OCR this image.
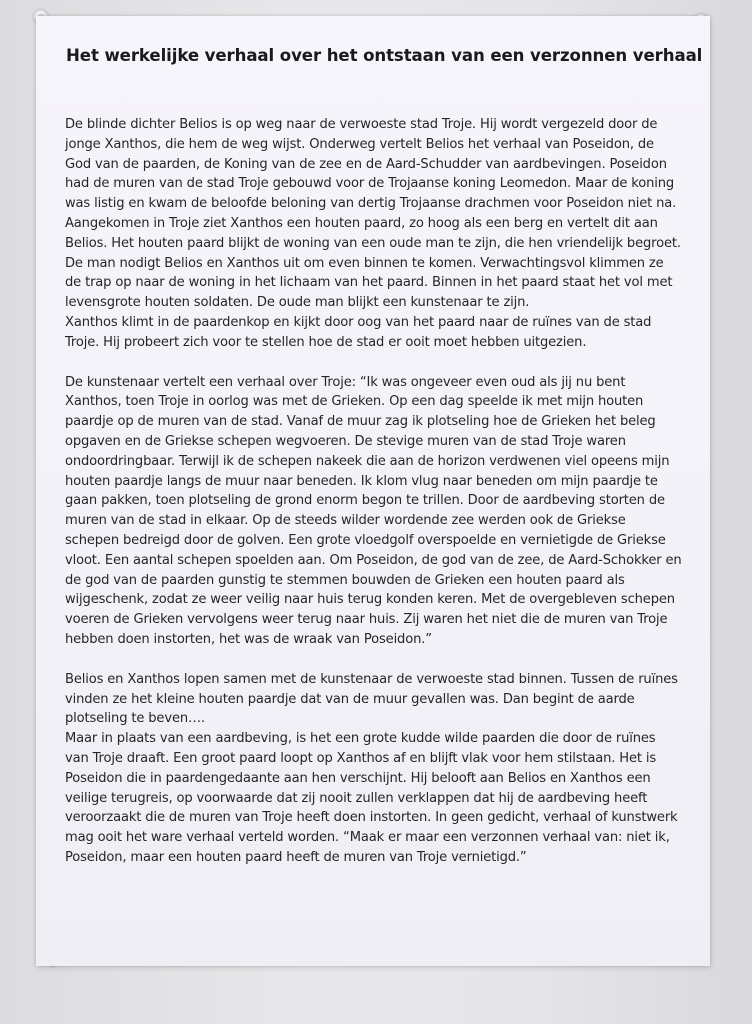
Het werkelijke verhaal over het ontstaan van een verzonnen verhaal

De blinde dichter Belios is op weg naar de verwoeste stad Troje. Hij wordt vergezeld door de
jonge Xanthos, die hem de weg wijst. Onderweg vertelt Belios het verhaal van Poseidon, de
God van de paarden, de Koning van de zee en de Aard-Schudder van aardbevingen. Poseidon
had de muren van de stad Troje gebouwd voor de Trojaanse koning Leomedon. Maar de koning
was listig en kwam de beloofde beloning van dertig Trojaanse drachmen voor Poseidon niet na.
Aangekomen in Troje ziet Xanthos een houten paard, zo hoog als een berg en vertelt dit aan
Belios. Het houten paard blijkt de woning van een oude man te zijn, die hen vriendelijk begroet.
De man nodigt Belios en Xanthos uit om even binnen te komen. Verwachtingsvol klimmen ze
de trap op naar de woning in het lichaam van het paard. Binnen in het paard staat het vol met
levensgrote houten soldaten. De oude man blijkt een kunstenaar te zijn.
Xanthos klimt in de paardenkop en kijkt door oog van het paard naar de ruïnes van de stad
Troje. Hij probeert zich voor te stellen hoe de stad er ooit moet hebben uitgezien.

De kunstenaar vertelt een verhaal over Troje: “Ik was ongeveer even oud als jij nu bent
Xanthos, toen Troje in oorlog was met de Grieken. Op een dag speelde ik met mijn houten
paardje op de muren van de stad. Vanaf de muur zag ik plotseling hoe de Grieken het beleg
opgaven en de Griekse schepen wegvoeren. De stevige muren van de stad Troje waren
ondoordringbaar. Terwijl ik de schepen nakeek die aan de horizon verdwenen viel opeens mijn
houten paardje langs de muur naar beneden. Ik klom vlug naar beneden om mijn paardje te
gaan pakken, toen plotseling de grond enorm begon te trillen. Door de aardbeving storten de
muren van de stad in elkaar. Op de steeds wilder wordende zee werden ook de Griekse
schepen bedreigd door de golven. Een grote vloedgolf overspoelde en vernietigde de Griekse
vloot. Een aantal schepen spoelden aan. Om Poseidon, de god van de zee, de Aard-Schokker en
de god van de paarden gunstig te stemmen bouwden de Grieken een houten paard als
wijgeschenk, zodat ze weer veilig naar huis terug konden keren. Met de overgebleven schepen
voeren de Grieken vervolgens weer terug naar huis. Zij waren het niet die de muren van Troje
hebben doen instorten, het was de wraak van Poseidon.”

Belios en Xanthos lopen samen met de kunstenaar de verwoeste stad binnen. Tussen de ruïnes
vinden ze het kleine houten paardje dat van de muur gevallen was. Dan begint de aarde
plotseling te beven….
Maar in plaats van een aardbeving, is het een grote kudde wilde paarden die door de ruïnes
van Troje draaft. Een groot paard loopt op Xanthos af en blijft vlak voor hem stilstaan. Het is
Poseidon die in paardengedaante aan hen verschijnt. Hij belooft aan Belios en Xanthos een
veilige terugreis, op voorwaarde dat zij nooit zullen verklappen dat hij de aardbeving heeft
veroorzaakt die de muren van Troje heeft doen instorten. In geen gedicht, verhaal of kunstwerk
mag ooit het ware verhaal verteld worden. “Maak er maar een verzonnen verhaal van: niet ik,
Poseidon, maar een houten paard heeft de muren van Troje vernietigd.”
